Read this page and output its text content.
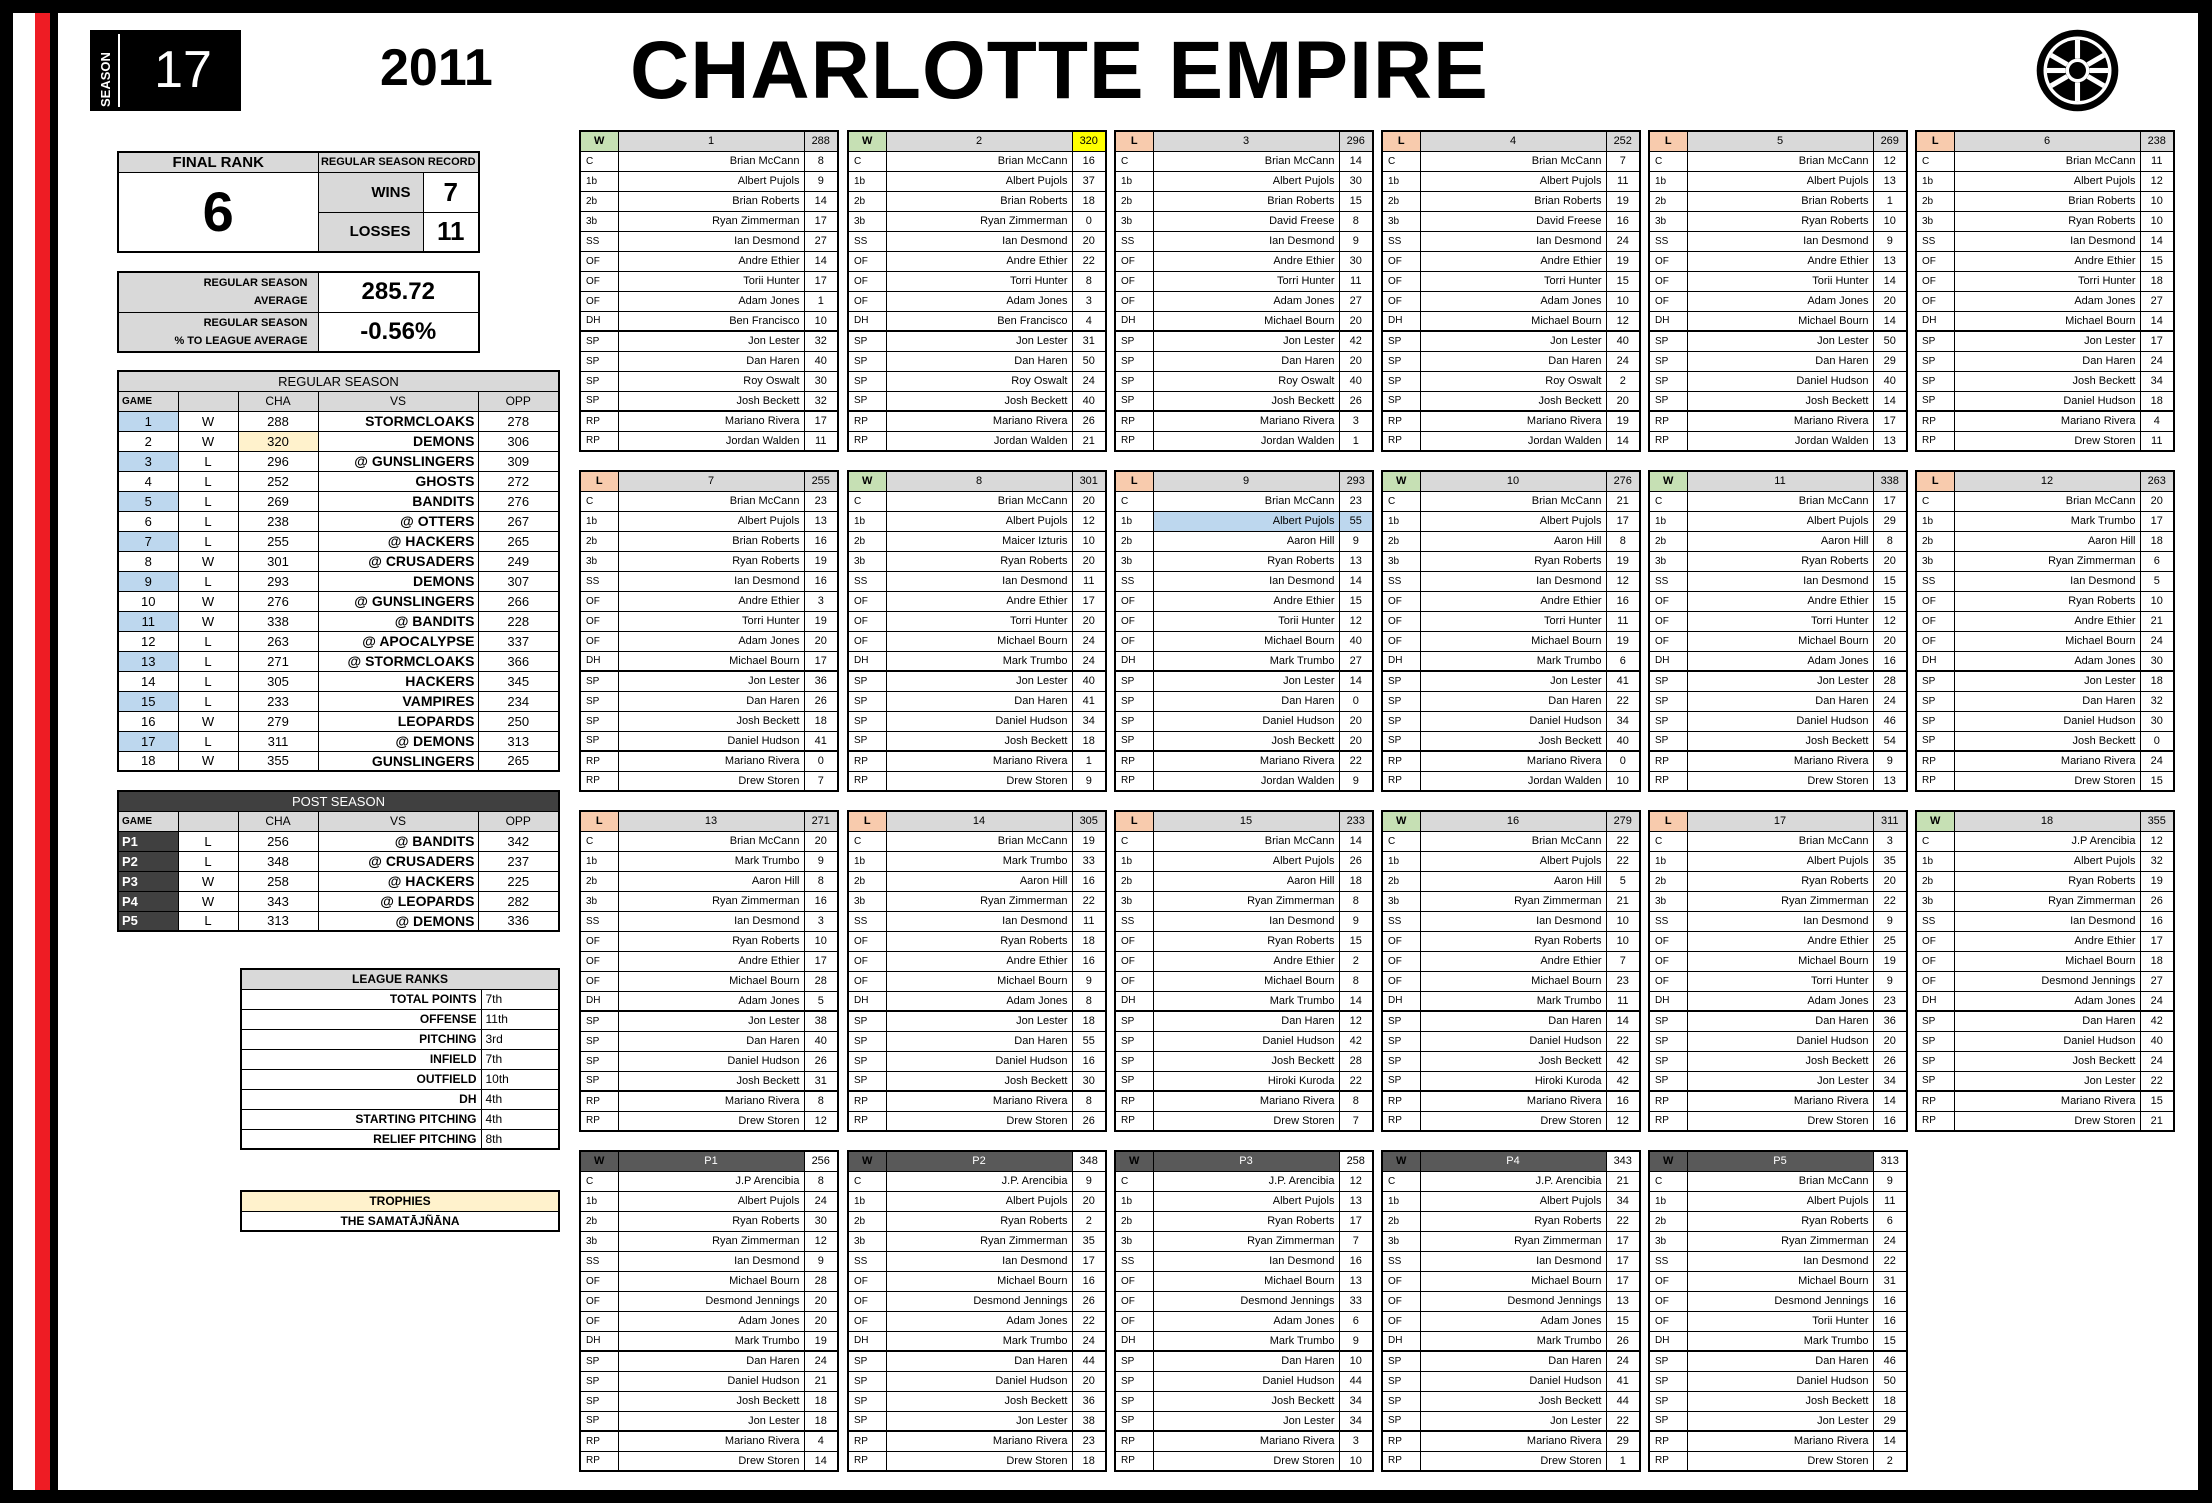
SEASON 17	2011 CHARLOTTE EMPIRE
FINAL RANK	REGULAR SEASON RECORD	
6	WINS	7
	LOSSES	11
REGULAR SEASON
AVERAGE	285.72
REGULAR SEASON
% TO LEAGUE AVERAGE	-0.56%
REGULAR SEASON				
GAME		CHA	VS	OPP
1	W	288	STORMCLOAKS	278
2	W	320	DEMONS	306
3	L	296	@ GUNSLINGERS	309
4	L	252	GHOSTS	272
5	L	269	BANDITS	276
6	L	238	@ OTTERS	267
7	L	255	@ HACKERS	265
8	W	301	@ CRUSADERS	249
9	L	293	DEMONS	307
10	W	276	@ GUNSLINGERS	266
11	W	338	@ BANDITS	228
12	L	263	@ APOCALYPSE	337
13	L	271	@ STORMCLOAKS	366
14	L	305	HACKERS	345
15	L	233	VAMPIRES	234
16	W	279	LEOPARDS	250
17	L	311	@ DEMONS	313
18	W	355	GUNSLINGERS	265
POST SEASON				
GAME		CHA	VS	OPP
P1	L	256	@ BANDITS	342
P2	L	348	@ CRUSADERS	237
P3	W	258	@ HACKERS	225
P4	W	343	@ LEOPARDS	282
P5	L	313	@ DEMONS	336
LEAGUE RANKS	
TOTAL POINTS	7th
OFFENSE	11th
PITCHING	3rd
INFIELD	7th
OUTFIELD	10th
DH	4th
STARTING PITCHING	4th
RELIEF PITCHING	8th
TROPHIES
THE SAMATĀJÑĀNA
W	1	288
C	Brian McCann	8
1b	Albert Pujols	9
2b	Brian Roberts	14
3b	Ryan Zimmerman	17
SS	Ian Desmond	27
OF	Andre Ethier	14
OF	Torii Hunter	17
OF	Adam Jones	1
DH	Ben Francisco	10
SP	Jon Lester	32
SP	Dan Haren	40
SP	Roy Oswalt	30
SP	Josh Beckett	32
RP	Mariano Rivera	17
RP	Jordan Walden	11
W	2	320
C	Brian McCann	16
1b	Albert Pujols	37
2b	Brian Roberts	18
3b	Ryan Zimmerman	0
SS	Ian Desmond	20
OF	Andre Ethier	22
OF	Torri Hunter	8
OF	Adam Jones	3
DH	Ben Francisco	4
SP	Jon Lester	31
SP	Dan Haren	50
SP	Roy Oswalt	24
SP	Josh Beckett	40
RP	Mariano Rivera	26
RP	Jordan Walden	21
L	3	296
C	Brian McCann	14
1b	Albert Pujols	30
2b	Brian Roberts	15
3b	David Freese	8
SS	Ian Desmond	9
OF	Andre Ethier	30
OF	Torri Hunter	11
OF	Adam Jones	27
DH	Michael Bourn	20
SP	Jon Lester	42
SP	Dan Haren	20
SP	Roy Oswalt	40
SP	Josh Beckett	26
RP	Mariano Rivera	3
RP	Jordan Walden	1
L	4	252
C	Brian McCann	7
1b	Albert Pujols	11
2b	Brian Roberts	19
3b	David Freese	16
SS	Ian Desmond	24
OF	Andre Ethier	19
OF	Torri Hunter	15
OF	Adam Jones	10
DH	Michael Bourn	12
SP	Jon Lester	40
SP	Dan Haren	24
SP	Roy Oswalt	2
SP	Josh Beckett	20
RP	Mariano Rivera	19
RP	Jordan Walden	14
L	5	269
C	Brian McCann	12
1b	Albert Pujols	13
2b	Brian Roberts	1
3b	Ryan Roberts	10
SS	Ian Desmond	9
OF	Andre Ethier	13
OF	Torii Hunter	14
OF	Adam Jones	20
DH	Michael Bourn	14
SP	Jon Lester	50
SP	Dan Haren	29
SP	Daniel Hudson	40
SP	Josh Beckett	14
RP	Mariano Rivera	17
RP	Jordan Walden	13
L	6	238
C	Brian McCann	11
1b	Albert Pujols	12
2b	Brian Roberts	10
3b	Ryan Roberts	10
SS	Ian Desmond	14
OF	Andre Ethier	15
OF	Torri Hunter	18
OF	Adam Jones	27
DH	Michael Bourn	14
SP	Jon Lester	17
SP	Dan Haren	24
SP	Josh Beckett	34
SP	Daniel Hudson	18
RP	Mariano Rivera	4
RP	Drew Storen	11
L	7	255
C	Brian McCann	23
1b	Albert Pujols	13
2b	Brian Roberts	16
3b	Ryan Roberts	19
SS	Ian Desmond	16
OF	Andre Ethier	3
OF	Torri Hunter	19
OF	Adam Jones	20
DH	Michael Bourn	17
SP	Jon Lester	36
SP	Dan Haren	26
SP	Josh Beckett	18
SP	Daniel Hudson	41
RP	Mariano Rivera	0
RP	Drew Storen	7
W	8	301
C	Brian McCann	20
1b	Albert Pujols	12
2b	Maicer Izturis	10
3b	Ryan Roberts	20
SS	Ian Desmond	11
OF	Andre Ethier	17
OF	Torri Hunter	20
OF	Michael Bourn	24
DH	Mark Trumbo	24
SP	Jon Lester	40
SP	Dan Haren	41
SP	Daniel Hudson	34
SP	Josh Beckett	18
RP	Mariano Rivera	1
RP	Drew Storen	9
L	9	293
C	Brian McCann	23
1b	Albert Pujols	55
2b	Aaron Hill	9
3b	Ryan Roberts	13
SS	Ian Desmond	14
OF	Andre Ethier	15
OF	Torii Hunter	12
OF	Michael Bourn	40
DH	Mark Trumbo	27
SP	Jon Lester	14
SP	Dan Haren	0
SP	Daniel Hudson	20
SP	Josh Beckett	20
RP	Mariano Rivera	22
RP	Jordan Walden	9
W	10	276
C	Brian McCann	21
1b	Albert Pujols	17
2b	Aaron Hill	8
3b	Ryan Roberts	19
SS	Ian Desmond	12
OF	Andre Ethier	16
OF	Torri Hunter	11
OF	Michael Bourn	19
DH	Mark Trumbo	6
SP	Jon Lester	41
SP	Dan Haren	22
SP	Daniel Hudson	34
SP	Josh Beckett	40
RP	Mariano Rivera	0
RP	Jordan Walden	10
W	11	338
C	Brian McCann	17
1b	Albert Pujols	29
2b	Aaron Hill	8
3b	Ryan Roberts	20
SS	Ian Desmond	15
OF	Andre Ethier	15
OF	Torri Hunter	12
OF	Michael Bourn	20
DH	Adam Jones	16
SP	Jon Lester	28
SP	Dan Haren	24
SP	Daniel Hudson	46
SP	Josh Beckett	54
RP	Mariano Rivera	9
RP	Drew Storen	13
L	12	263
C	Brian McCann	20
1b	Mark Trumbo	17
2b	Aaron Hill	18
3b	Ryan Zimmerman	6
SS	Ian Desmond	5
OF	Ryan Roberts	10
OF	Andre Ethier	21
OF	Michael Bourn	24
DH	Adam Jones	30
SP	Jon Lester	18
SP	Dan Haren	32
SP	Daniel Hudson	30
SP	Josh Beckett	0
RP	Mariano Rivera	24
RP	Drew Storen	15
L	13	271
C	Brian McCann	20
1b	Mark Trumbo	9
2b	Aaron Hill	8
3b	Ryan Zimmerman	16
SS	Ian Desmond	3
OF	Ryan Roberts	10
OF	Andre Ethier	17
OF	Michael Bourn	28
DH	Adam Jones	5
SP	Jon Lester	38
SP	Dan Haren	40
SP	Daniel Hudson	26
SP	Josh Beckett	31
RP	Mariano Rivera	8
RP	Drew Storen	12
L	14	305
C	Brian McCann	19
1b	Mark Trumbo	33
2b	Aaron Hill	16
3b	Ryan Zimmerman	22
SS	Ian Desmond	11
OF	Ryan Roberts	18
OF	Andre Ethier	16
OF	Michael Bourn	9
DH	Adam Jones	8
SP	Jon Lester	18
SP	Dan Haren	55
SP	Daniel Hudson	16
SP	Josh Beckett	30
RP	Mariano Rivera	8
RP	Drew Storen	26
L	15	233
C	Brian McCann	14
1b	Albert Pujols	26
2b	Aaron Hill	18
3b	Ryan Zimmerman	8
SS	Ian Desmond	9
OF	Ryan Roberts	15
OF	Andre Ethier	2
OF	Michael Bourn	8
DH	Mark Trumbo	14
SP	Dan Haren	12
SP	Daniel Hudson	42
SP	Josh Beckett	28
SP	Hiroki Kuroda	22
RP	Mariano Rivera	8
RP	Drew Storen	7
W	16	279
C	Brian McCann	22
1b	Albert Pujols	22
2b	Aaron Hill	5
3b	Ryan Zimmerman	21
SS	Ian Desmond	10
OF	Ryan Roberts	10
OF	Andre Ethier	7
OF	Michael Bourn	23
DH	Mark Trumbo	11
SP	Dan Haren	14
SP	Daniel Hudson	22
SP	Josh Beckett	42
SP	Hiroki Kuroda	42
RP	Mariano Rivera	16
RP	Drew Storen	12
L	17	311
C	Brian McCann	3
1b	Albert Pujols	35
2b	Ryan Roberts	20
3b	Ryan Zimmerman	22
SS	Ian Desmond	9
OF	Andre Ethier	25
OF	Michael Bourn	19
OF	Torri Hunter	9
DH	Adam Jones	23
SP	Dan Haren	36
SP	Daniel Hudson	20
SP	Josh Beckett	26
SP	Jon Lester	34
RP	Mariano Rivera	14
RP	Drew Storen	16
W	18	355
C	J.P Arencibia	12
1b	Albert Pujols	32
2b	Ryan Roberts	19
3b	Ryan Zimmerman	26
SS	Ian Desmond	16
OF	Andre Ethier	17
OF	Michael Bourn	18
OF	Desmond Jennings	27
DH	Adam Jones	24
SP	Dan Haren	42
SP	Daniel Hudson	40
SP	Josh Beckett	24
SP	Jon Lester	22
RP	Mariano Rivera	15
RP	Drew Storen	21
W	P1	256
C	J.P Arencibia	8
1b	Albert Pujols	24
2b	Ryan Roberts	30
3b	Ryan Zimmerman	12
SS	Ian Desmond	9
OF	Michael Bourn	28
OF	Desmond Jennings	20
OF	Adam Jones	20
DH	Mark Trumbo	19
SP	Dan Haren	24
SP	Daniel Hudson	21
SP	Josh Beckett	18
SP	Jon Lester	18
RP	Mariano Rivera	4
RP	Drew Storen	14
W	P2	348
C	J.P. Arencibia	9
1b	Albert Pujols	20
2b	Ryan Roberts	2
3b	Ryan Zimmerman	35
SS	Ian Desmond	17
OF	Michael Bourn	16
OF	Desmond Jennings	26
OF	Adam Jones	22
DH	Mark Trumbo	24
SP	Dan Haren	44
SP	Daniel Hudson	20
SP	Josh Beckett	36
SP	Jon Lester	38
RP	Mariano Rivera	23
RP	Drew Storen	18
W	P3	258
C	J.P. Arencibia	12
1b	Albert Pujols	13
2b	Ryan Roberts	17
3b	Ryan Zimmerman	7
SS	Ian Desmond	16
OF	Michael Bourn	13
OF	Desmond Jennings	33
OF	Adam Jones	6
DH	Mark Trumbo	9
SP	Dan Haren	10
SP	Daniel Hudson	44
SP	Josh Beckett	34
SP	Jon Lester	34
RP	Mariano Rivera	3
RP	Drew Storen	10
W	P4	343
C	J.P. Arencibia	21
1b	Albert Pujols	34
2b	Ryan Roberts	22
3b	Ryan Zimmerman	17
SS	Ian Desmond	17
OF	Michael Bourn	17
OF	Desmond Jennings	13
OF	Adam Jones	15
DH	Mark Trumbo	26
SP	Dan Haren	24
SP	Daniel Hudson	41
SP	Josh Beckett	44
SP	Jon Lester	22
RP	Mariano Rivera	29
RP	Drew Storen	1
W	P5	313
C	Brian McCann	9
1b	Albert Pujols	11
2b	Ryan Roberts	6
3b	Ryan Zimmerman	24
SS	Ian Desmond	22
OF	Michael Bourn	31
OF	Desmond Jennings	16
OF	Torii Hunter	16
DH	Mark Trumbo	15
SP	Dan Haren	46
SP	Daniel Hudson	50
SP	Josh Beckett	18
SP	Jon Lester	29
RP	Mariano Rivera	14
RP	Drew Storen	2
